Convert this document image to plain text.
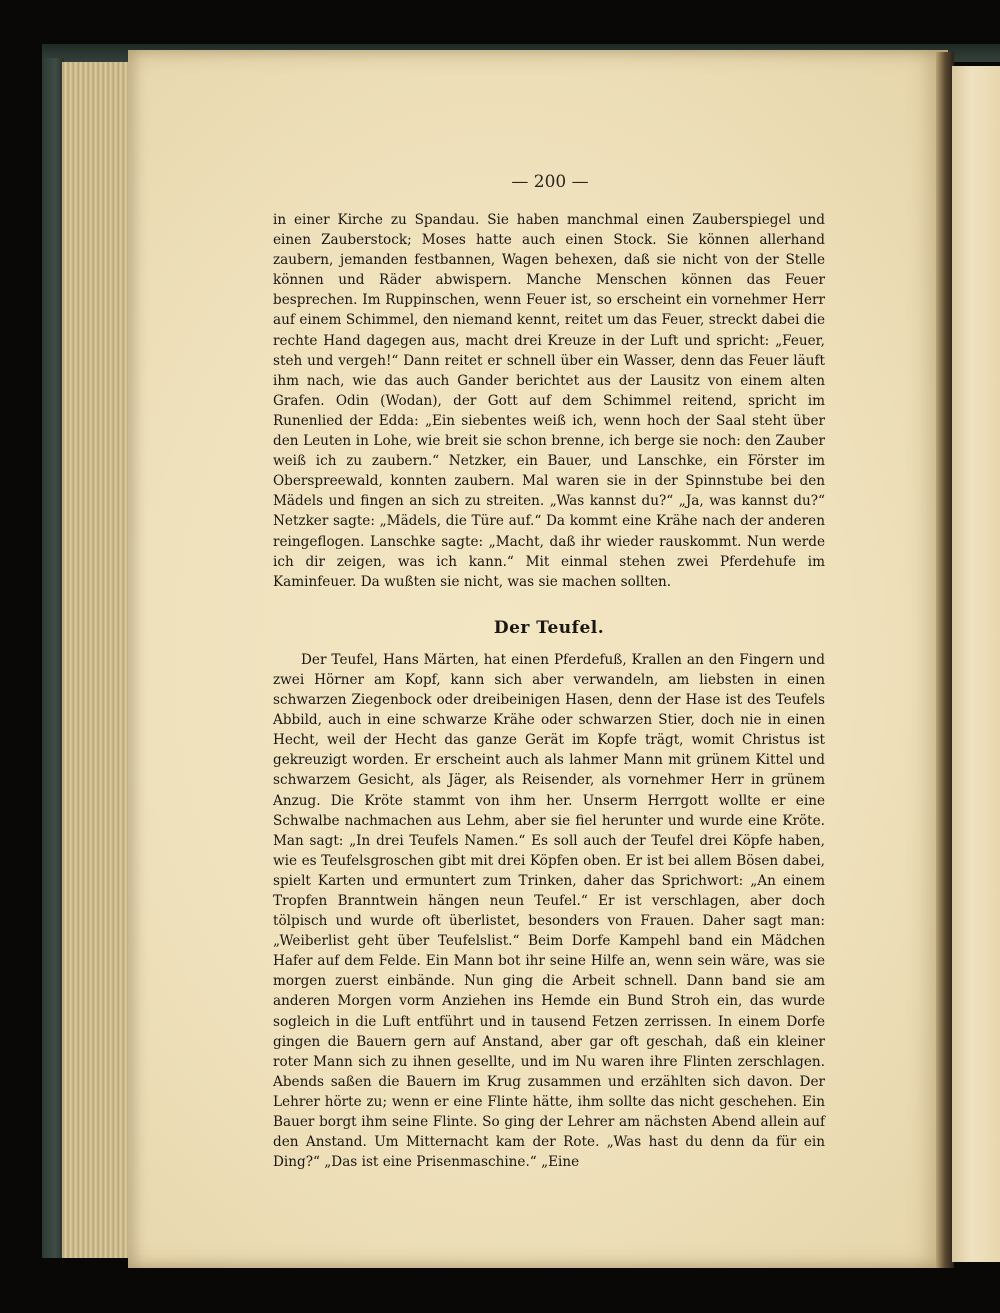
— 200 —

in einer Kirche zu Spandau. Sie haben manchmal einen Zauberspiegel und einen Zauberstock; Moses hatte auch einen Stock. Sie können allerhand zaubern, jemanden festbannen, Wagen behexen, daß sie nicht von der Stelle können und Räder abwispern. Manche Menschen können das Feuer besprechen. Im Ruppinschen, wenn Feuer ist, so erscheint ein vornehmer Herr auf einem Schimmel, den niemand kennt, reitet um das Feuer, streckt dabei die rechte Hand dagegen aus, macht drei Kreuze in der Luft und spricht: „Feuer, steh und vergeh!“ Dann reitet er schnell über ein Wasser, denn das Feuer läuft ihm nach, wie das auch Gander berichtet aus der Lausitz von einem alten Grafen. Odin (Wodan), der Gott auf dem Schimmel reitend, spricht im Runenlied der Edda: „Ein siebentes weiß ich, wenn hoch der Saal steht über den Leuten in Lohe, wie breit sie schon brenne, ich berge sie noch: den Zauber weiß ich zu zaubern.“ Netzker, ein Bauer, und Lanschke, ein Förster im Oberspreewald, konnten zaubern. Mal waren sie in der Spinnstube bei den Mädels und fingen an sich zu streiten. „Was kannst du?“ „Ja, was kannst du?“ Netzker sagte: „Mädels, die Türe auf.“ Da kommt eine Krähe nach der anderen reingeflogen. Lanschke sagte: „Macht, daß ihr wieder rauskommt. Nun werde ich dir zeigen, was ich kann.“ Mit einmal stehen zwei Pferdehufe im Kaminfeuer. Da wußten sie nicht, was sie machen sollten.

Der Teufel.

Der Teufel, Hans Märten, hat einen Pferdefuß, Krallen an den Fingern und zwei Hörner am Kopf, kann sich aber verwandeln, am liebsten in einen schwarzen Ziegenbock oder dreibeinigen Hasen, denn der Hase ist des Teufels Abbild, auch in eine schwarze Krähe oder schwarzen Stier, doch nie in einen Hecht, weil der Hecht das ganze Gerät im Kopfe trägt, womit Christus ist gekreuzigt worden. Er erscheint auch als lahmer Mann mit grünem Kittel und schwarzem Gesicht, als Jäger, als Reisender, als vornehmer Herr in grünem Anzug. Die Kröte stammt von ihm her. Unserm Herrgott wollte er eine Schwalbe nachmachen aus Lehm, aber sie fiel herunter und wurde eine Kröte. Man sagt: „In drei Teufels Namen.“ Es soll auch der Teufel drei Köpfe haben, wie es Teufelsgroschen gibt mit drei Köpfen oben. Er ist bei allem Bösen dabei, spielt Karten und ermuntert zum Trinken, daher das Sprichwort: „An einem Tropfen Branntwein hängen neun Teufel.“ Er ist verschlagen, aber doch tölpisch und wurde oft überlistet, besonders von Frauen. Daher sagt man: „Weiberlist geht über Teufelslist.“ Beim Dorfe Kampehl band ein Mädchen Hafer auf dem Felde. Ein Mann bot ihr seine Hilfe an, wenn sein wäre, was sie morgen zuerst einbände. Nun ging die Arbeit schnell. Dann band sie am anderen Morgen vorm Anziehen ins Hemde ein Bund Stroh ein, das wurde sogleich in die Luft entführt und in tausend Fetzen zerrissen. In einem Dorfe gingen die Bauern gern auf Anstand, aber gar oft geschah, daß ein kleiner roter Mann sich zu ihnen gesellte, und im Nu waren ihre Flinten zerschlagen. Abends saßen die Bauern im Krug zusammen und erzählten sich davon. Der Lehrer hörte zu; wenn er eine Flinte hätte, ihm sollte das nicht geschehen. Ein Bauer borgt ihm seine Flinte. So ging der Lehrer am nächsten Abend allein auf den Anstand. Um Mitternacht kam der Rote. „Was hast du denn da für ein Ding?“ „Das ist eine Prisenmaschine.“ „Eine
